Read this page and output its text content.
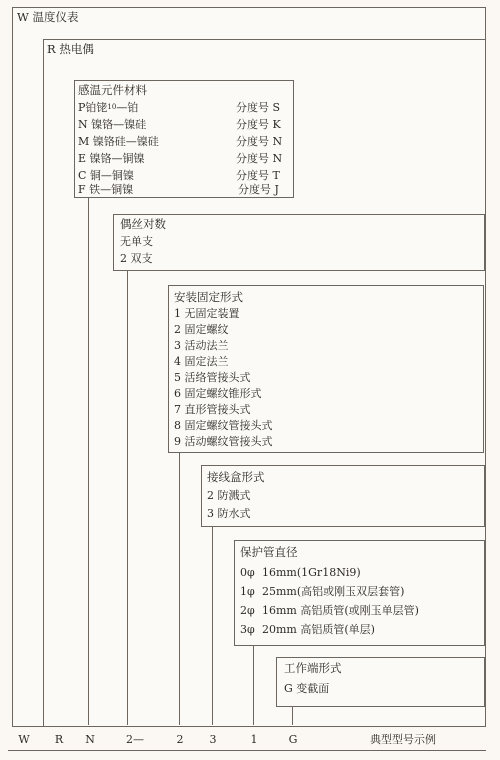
W 温度仪表
R 热电偶
感温元件材料
P铂铑$^{10}$—铂	分度号 S
N 镍铬—镍硅	分度号 K
M 镍铬硅—镍硅	分度号 N
E 镍铬—铜镍	分度号 N
C 铜—铜镍	分度号 T
F 铁—铜镍	分度号 J
偶丝对数
无单支
2 双支
安装固定形式
1 无固定装置
2 固定螺纹
3 活动法兰
4 固定法兰
5 活络管接头式
6 固定螺纹锥形式
7 直形管接头式
8 固定螺纹管接头式
9 活动螺纹管接头式
接线盒形式
2 防溅式
3 防水式
保护管直径
0φ 16mm(1Gr18Ni9)
1φ 25mm(高铝或刚玉双层套管)
2φ 16mm 高铝质管(或刚玉单层管)
3φ 20mm 高铝质管(单层)
工作端形式
G 变截面
W R N	2—	2 3	1	G	典型型号示例
